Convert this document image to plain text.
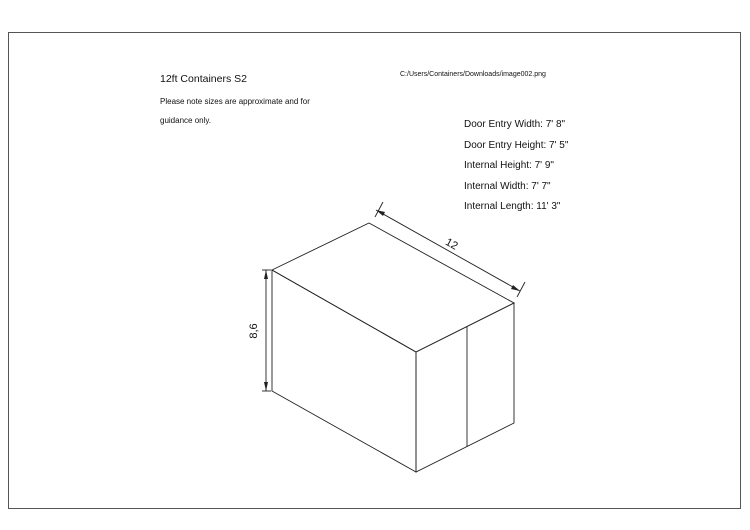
12ft Containers S2
Please note sizes are approximate and for
guidance only.
C:/Users/Containers/Downloads/image002.png
Door Entry Width: 7' 8"
Door Entry Height: 7' 5"
Internal Height: 7' 9"
Internal Width: 7' 7"
Internal Length: 11' 3"
12
8,6
